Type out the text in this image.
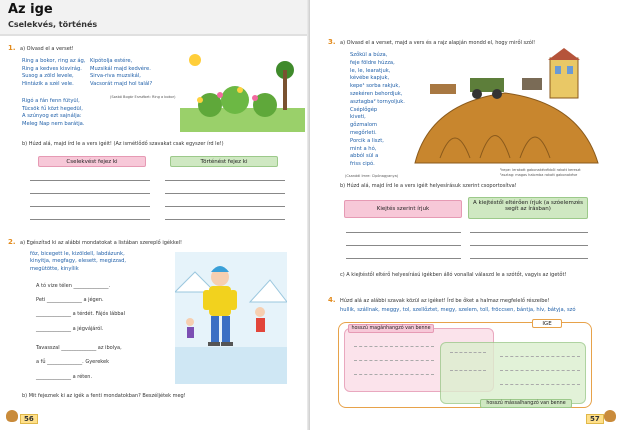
Az ige
Cselekvés, történés
1. a) Olvasd el a verset!
Ring a bokor, ring az ág,
Ring a kedves kisvirág.
Susog a zöld levele,
Hintázik a szél vele.
Kipótolja estére,
Muzsikál majd kedvére.
Sirva-riva muzsikál,
Vacsorát majd hol talál?
(Szabó Bogár Erzsébet: Ring a bokor)
Rigó a fán fenn fütyül,
Tücsök fű közt hegedül,
A szúnyog ezt sajnálja:
Meleg Nap nem barátja.
b) Húzd alá, majd írd le a vers igéit! (Az ismétlődő szavakat csak egyszer írd le!)
Cselekvést fejez ki	Történést fejez ki
2. a) Egészítsd ki az alábbi mondatokat a listában szereplő igékkel!
fõz, bicegett le, kizöldell, labdázunk,
kinyitja, megfagy, elesett, megizzad,
megütötte, kinyílik
A tó vize télen ______________.
Peti ______________ a jégen.
______________ a térdét. Fájós lábbal
______________ a jégvájáról.
Tavasszal ______________ az ibolya,
a fű ______________. Gyerekek
______________ a réten.
b) Mit fejeznek ki az igék a fenti mondatokban? Beszéljétek meg!
56
3. a) Olvasd el a verset, majd a vers és a rajz alapján mondd el, hogy miről szól!
Szőkül a búza,
feje földre húzza,
le, le, learatjuk,
kévébe kapjuk,
kepe¹ sorba rakjuk,
szekéren behordjuk,
asztagba² tornyoljuk.
Cséplőgép
kiveti,
gőzmalom
megőrleti.
Porcik a liszt,
mint a hó,
abból sül a
friss cipó.
(Csanádi Imre: Cipónagyanya)
¹kepe: lerakott gabonakévékből rakott kereszt ²asztag: magas halomba rakott gabonakéve
b) Húzd alá, majd írd le a vers igéit helyesírásuk szerint csoportosítva!
Kiejtés szerint írjuk
A kiejtéstől eltérően írjuk (a szóelemzés segít az írásban)
c) A kiejtéstől eltérő helyesírású igékben álló vonallal válaszd le a szótőt, vagyis az igetőt!
4. Húzd alá az alábbi szavak közül az igéket! Írd be őket a halmaz megfelelő részeibe!
hullik, szállnak, meggy, tol, szellőztet, megy, szelem, toll, fröccsen, bántja, hív, bátyja, szó
IGE
hosszú magánhangzó van benne
hosszú mássalhangzó van benne
57
